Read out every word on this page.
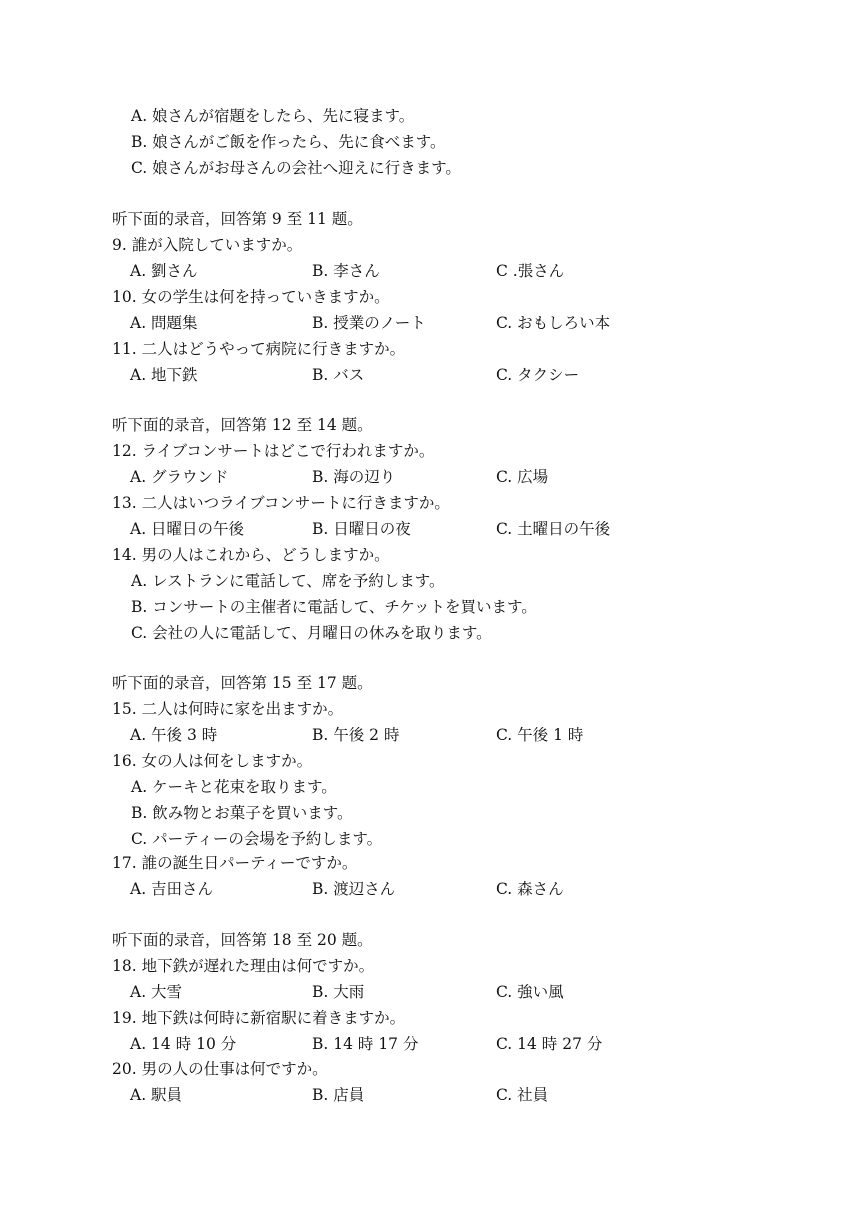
A. 娘さんが宿題をしたら、先に寝ます。
B. 娘さんがご飯を作ったら、先に食べます。
C. 娘さんがお母さんの会社へ迎えに行きます。
听下面的录音，回答第 9 至 11 题。
9. 誰が入院していますか。
A. 劉さん	B. 李さん	C .張さん
10. 女の学生は何を持っていきますか。
A. 問題集	B. 授業のノート	C. おもしろい本
11. 二人はどうやって病院に行きますか。
A. 地下鉄	B. バス	C. タクシー
听下面的录音，回答第 12 至 14 题。
12. ライブコンサートはどこで行われますか。
A. グラウンド	B. 海の辺り	C. 広場
13. 二人はいつライブコンサートに行きますか。
A. 日曜日の午後	B. 日曜日の夜	C. 土曜日の午後
14. 男の人はこれから、どうしますか。
A. レストランに電話して、席を予約します。
B. コンサートの主催者に電話して、チケットを買います。
C. 会社の人に電話して、月曜日の休みを取ります。
听下面的录音，回答第 15 至 17 题。
15. 二人は何時に家を出ますか。
A. 午後 3 時	B. 午後 2 時	C. 午後 1 時
16. 女の人は何をしますか。
A. ケーキと花束を取ります。
B. 飲み物とお菓子を買います。
C. パーティーの会場を予約します。
17. 誰の誕生日パーティーですか。
A. 吉田さん	B. 渡辺さん	C. 森さん
听下面的录音，回答第 18 至 20 题。
18. 地下鉄が遅れた理由は何ですか。
A. 大雪	B. 大雨	C. 強い風
19. 地下鉄は何時に新宿駅に着きますか。
A. 14 時 10 分	B. 14 時 17 分	C. 14 時 27 分
20. 男の人の仕事は何ですか。
A. 駅員	B. 店員	C. 社員
